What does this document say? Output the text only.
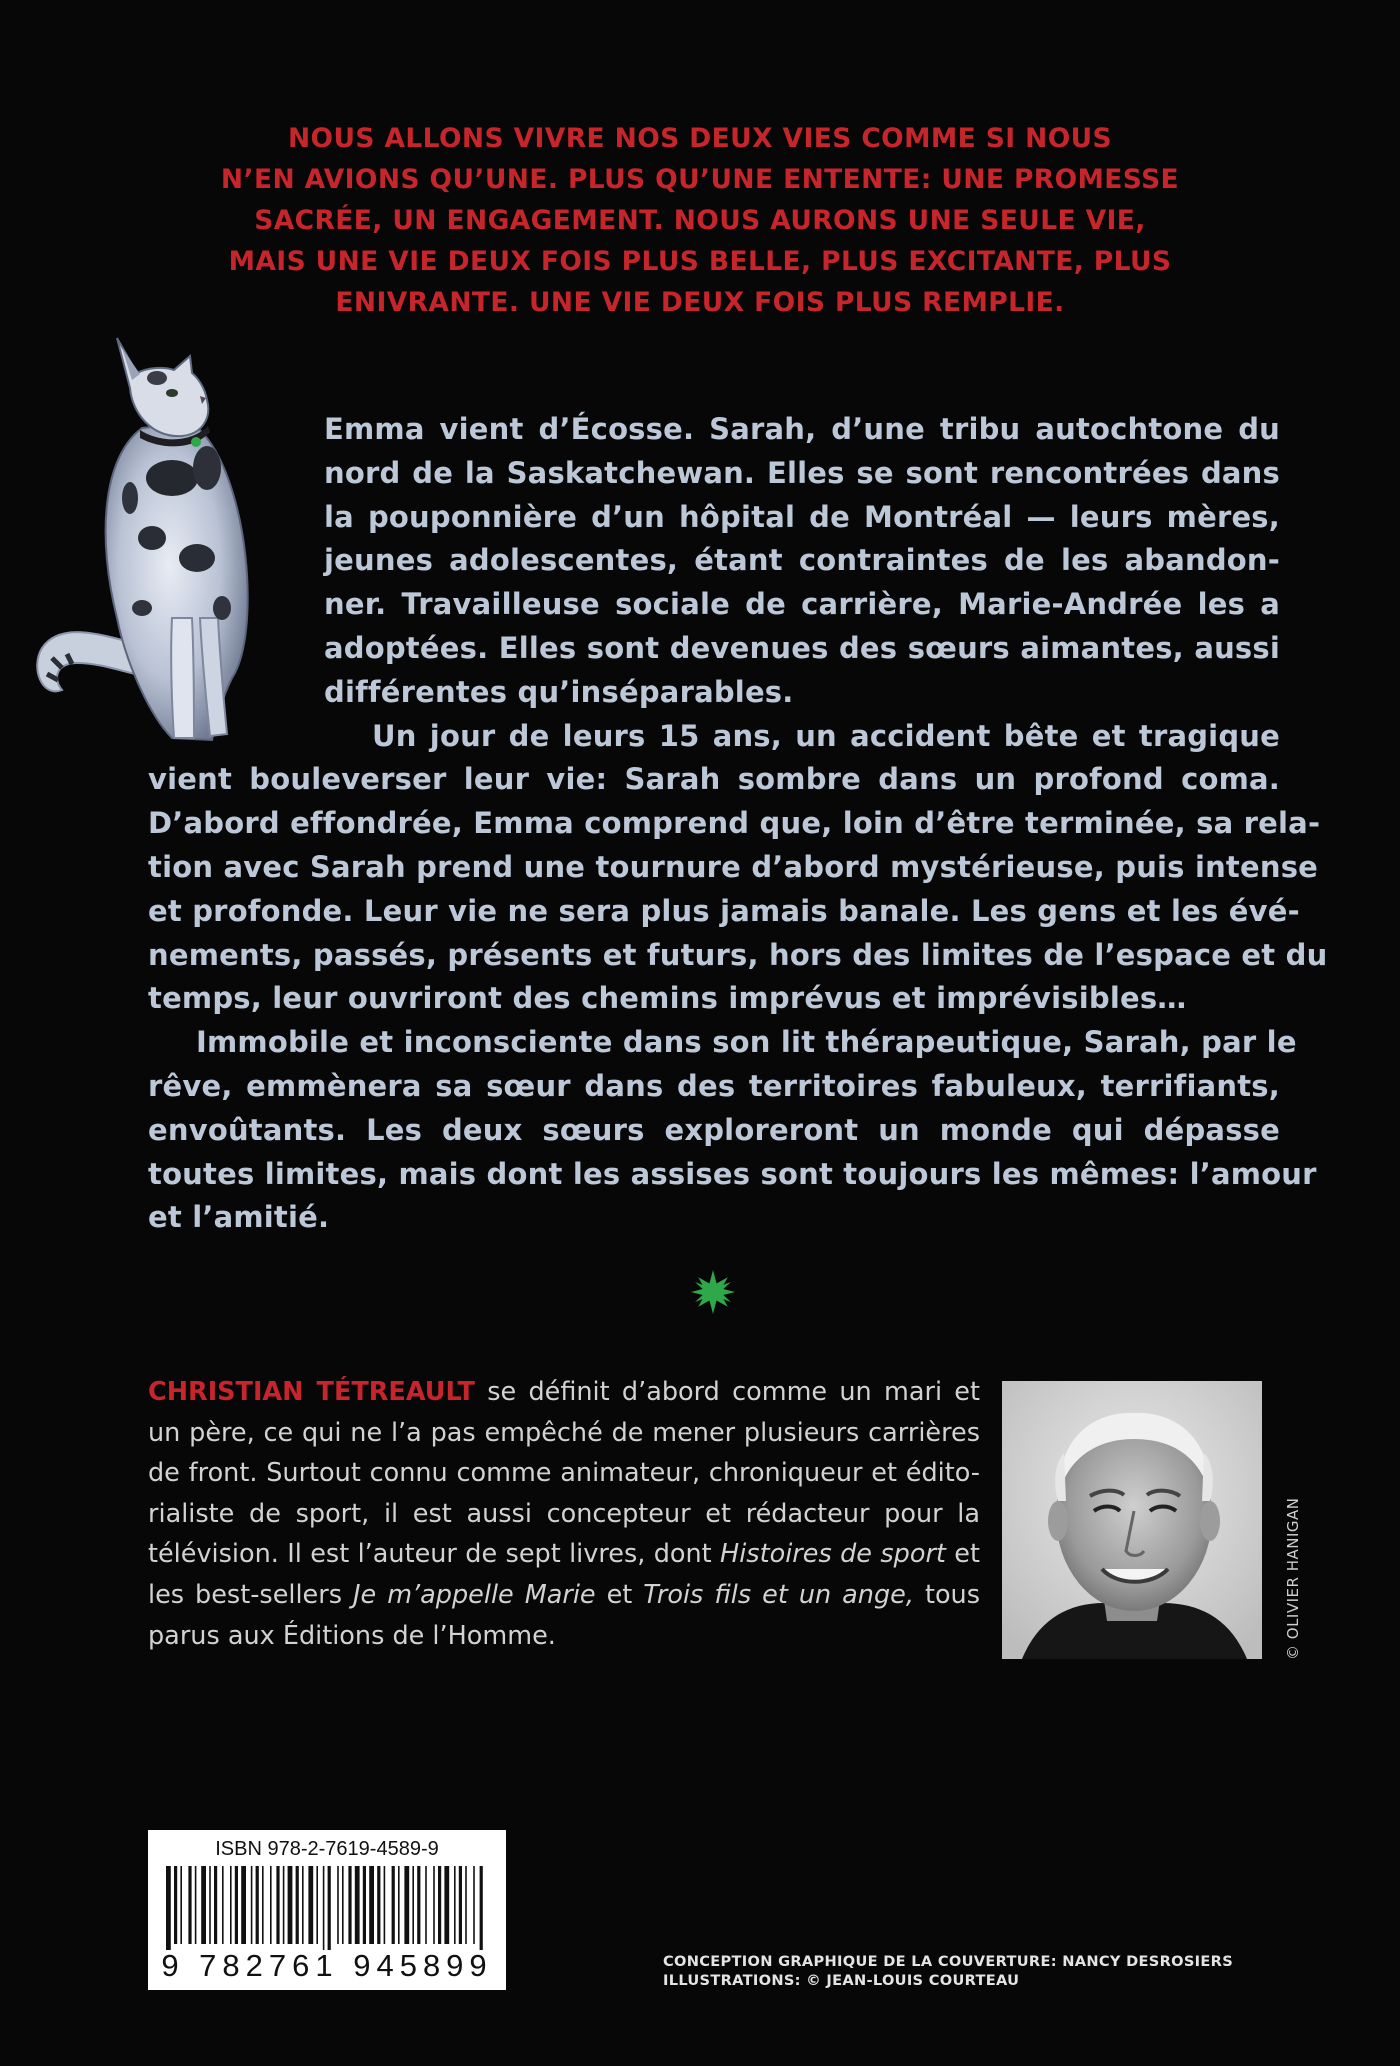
NOUS ALLONS VIVRE NOS DEUX VIES COMME SI NOUS
N’EN AVIONS QU’UNE. PLUS QU’UNE ENTENTE: UNE PROMESSE
SACRÉE, UN ENGAGEMENT. NOUS AURONS UNE SEULE VIE,
MAIS UNE VIE DEUX FOIS PLUS BELLE, PLUS EXCITANTE, PLUS
ENIVRANTE. UNE VIE DEUX FOIS PLUS REMPLIE.
Emma vient d’Écosse. Sarah, d’une tribu autochtone du
nord de la Saskatchewan. Elles se sont rencontrées dans
la pouponnière d’un hôpital de Montréal — leurs mères,
jeunes adolescentes, étant contraintes de les abandon-
ner. Travailleuse sociale de carrière, Marie-Andrée les a
adoptées. Elles sont devenues des sœurs aimantes, aussi
différentes qu’inséparables.
Un jour de leurs 15 ans, un accident bête et tragique
vient bouleverser leur vie: Sarah sombre dans un profond coma.
D’abord effondrée, Emma comprend que, loin d’être terminée, sa rela-
tion avec Sarah prend une tournure d’abord mystérieuse, puis intense
et profonde. Leur vie ne sera plus jamais banale. Les gens et les évé-
nements, passés, présents et futurs, hors des limites de l’espace et du
temps, leur ouvriront des chemins imprévus et imprévisibles…
Immobile et inconsciente dans son lit thérapeutique, Sarah, par le
rêve, emmènera sa sœur dans des territoires fabuleux, terrifiants,
envoûtants. Les deux sœurs exploreront un monde qui dépasse
toutes limites, mais dont les assises sont toujours les mêmes: l’amour
et l’amitié.
CHRISTIAN TÉTREAULT se définit d’abord comme un mari et
un père, ce qui ne l’a pas empêché de mener plusieurs carrières
de front. Surtout connu comme animateur, chroniqueur et édito-
rialiste de sport, il est aussi concepteur et rédacteur pour la
télévision. Il est l’auteur de sept livres, dont Histoires de sport et
les best-sellers Je m’appelle Marie et Trois fils et un ange, tous
parus aux Éditions de l’Homme.	© OLIVIER HANIGAN
ISBN 978-2-7619-4589-9
9 782761 945899	CONCEPTION GRAPHIQUE DE LA COUVERTURE: NANCY DESROSIERS
ILLUSTRATIONS: © JEAN-LOUIS COURTEAU
